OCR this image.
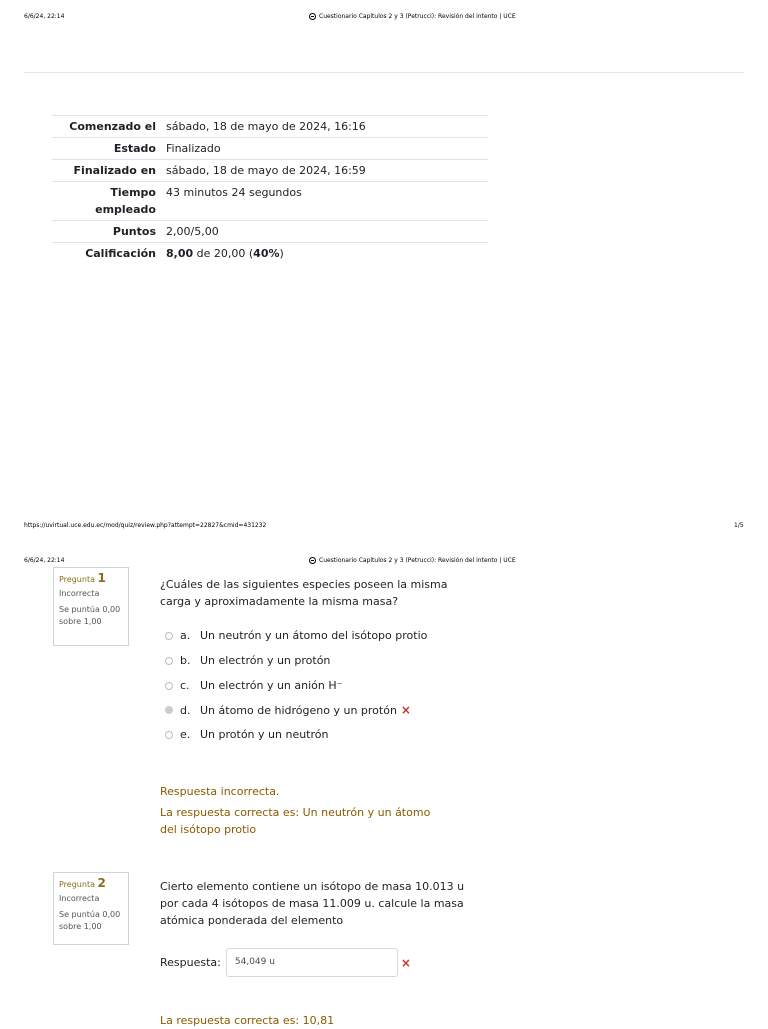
6/6/24, 22:14	Cuestionario Capítulos 2 y 3 (Petrucci): Revisión del intento | UCE
Comenzado el	sábado, 18 de mayo de 2024, 16:16
Estado	Finalizado
Finalizado en	sábado, 18 de mayo de 2024, 16:59
Tiempo empleado	43 minutos 24 segundos
Puntos	2,00/5,00
Calificación	8,00 de 20,00 (40%)
https://uvirtual.uce.edu.ec/mod/quiz/review.php?attempt=22827&cmid=431232	1/5
6/6/24, 22:14	Cuestionario Capítulos 2 y 3 (Petrucci): Revisión del intento | UCE
Pregunta 1
Incorrecta
Se puntúa 0,00 sobre 1,00
¿Cuáles de las siguientes especies poseen la misma carga y aproximadamente la misma masa?
a. Un neutrón y un átomo del isótopo protio
b. Un electrón y un protón
c. Un electrón y un anión H⁻
d. Un átomo de hidrógeno y un protón ×
e. Un protón y un neutrón
Respuesta incorrecta.
La respuesta correcta es: Un neutrón y un átomo del isótopo protio
Pregunta 2
Incorrecta
Se puntúa 0,00 sobre 1,00
Cierto elemento contiene un isótopo de masa 10.013 u por cada 4 isótopos de masa 11.009 u. calcule la masa atómica ponderada del elemento
Respuesta:	54,049 u	×
La respuesta correcta es: 10,81
